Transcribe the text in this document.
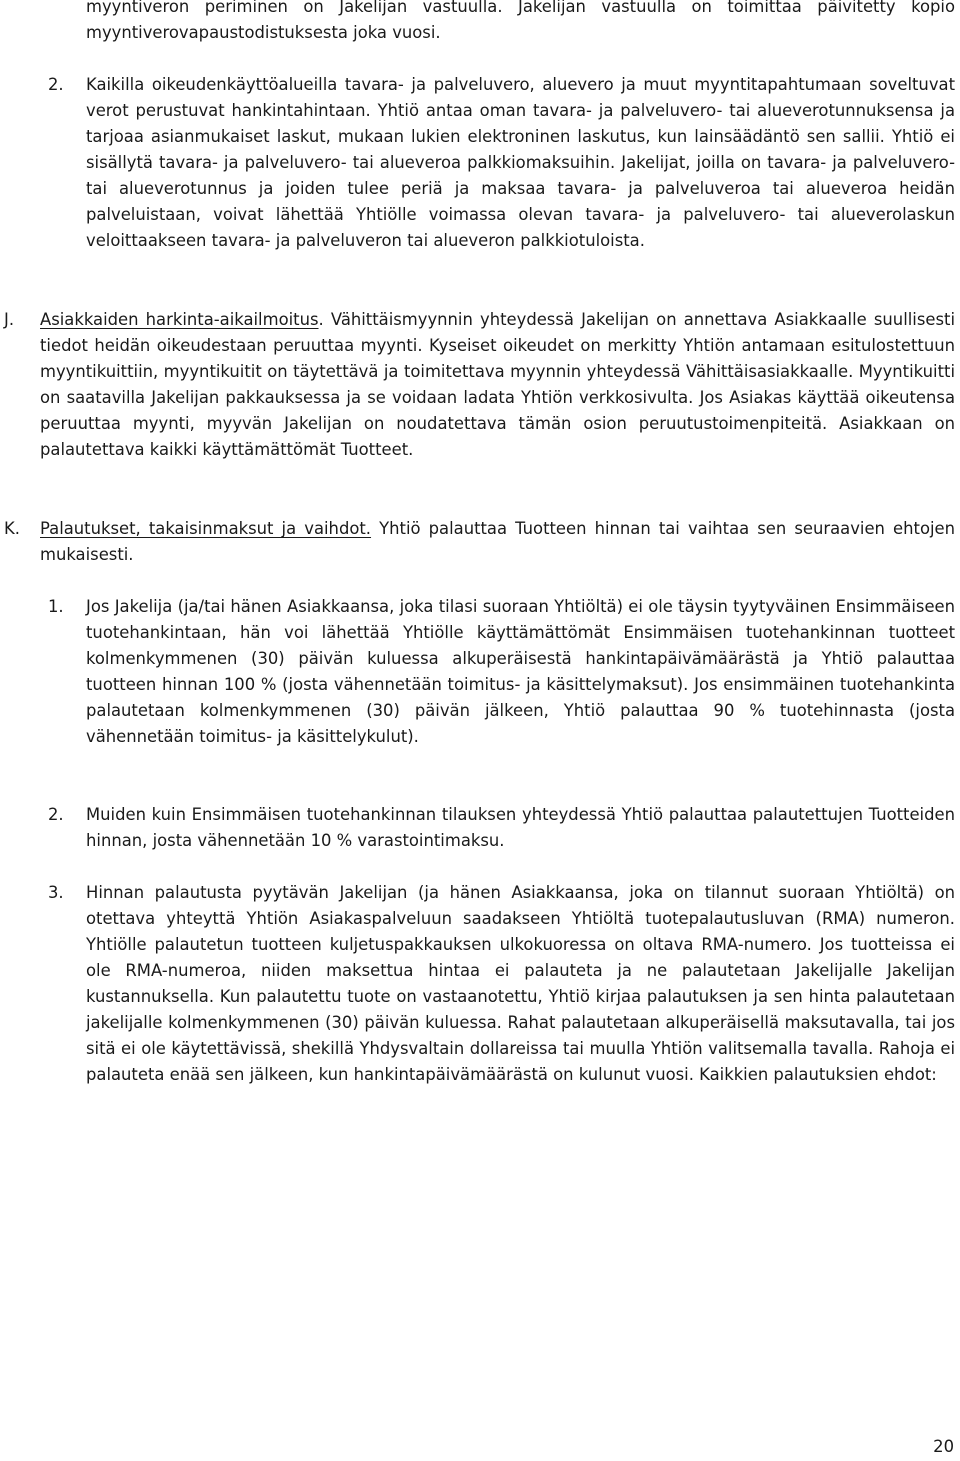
myyntiveron periminen on Jakelijan vastuulla. Jakelijan vastuulla on toimittaa päivitetty kopio myyntiverovapaustodistuksesta joka vuosi.

2. Kaikilla oikeudenkäyttöalueilla tavara- ja palveluvero, aluevero ja muut myyntitapahtumaan soveltuvat verot perustuvat hankintahintaan. Yhtiö antaa oman tavara- ja palveluvero- tai alueverotunnuksensa ja tarjoaa asianmukaiset laskut, mukaan lukien elektroninen laskutus, kun lainsäädäntö sen sallii. Yhtiö ei sisällytä tavara- ja palveluvero- tai alueveroa palkkiomaksuihin. Jakelijat, joilla on tavara- ja palveluvero- tai alueverotunnus ja joiden tulee periä ja maksaa tavara- ja palveluveroa tai alueveroa heidän palveluistaan, voivat lähettää Yhtiölle voimassa olevan tavara- ja palveluvero- tai alueverolaskun veloittaakseen tavara- ja palveluveron tai alueveron palkkiotuloista.

J. Asiakkaiden harkinta-aikailmoitus. Vähittäismyynnin yhteydessä Jakelijan on annettava Asiakkaalle suullisesti tiedot heidän oikeudestaan peruuttaa myynti. Kyseiset oikeudet on merkitty Yhtiön antamaan esitulostettuun myyntikuittiin, myyntikuitit on täytettävä ja toimitettava myynnin yhteydessä Vähittäisasiakkaalle. Myyntikuitti on saatavilla Jakelijan pakkauksessa ja se voidaan ladata Yhtiön verkkosivulta. Jos Asiakas käyttää oikeutensa peruuttaa myynti, myyvän Jakelijan on noudatettava tämän osion peruutustoimenpiteitä. Asiakkaan on palautettava kaikki käyttämättömät Tuotteet.

K. Palautukset, takaisinmaksut ja vaihdot. Yhtiö palauttaa Tuotteen hinnan tai vaihtaa sen seuraavien ehtojen mukaisesti.

1. Jos Jakelija (ja/tai hänen Asiakkaansa, joka tilasi suoraan Yhtiöltä) ei ole täysin tyytyväinen Ensimmäiseen tuotehankintaan, hän voi lähettää Yhtiölle käyttämättömät Ensimmäisen tuotehankinnan tuotteet kolmenkymmenen (30) päivän kuluessa alkuperäisestä hankintapäivämäärästä ja Yhtiö palauttaa tuotteen hinnan 100 % (josta vähennetään toimitus- ja käsittelymaksut). Jos ensimmäinen tuotehankinta palautetaan kolmenkymmenen (30) päivän jälkeen, Yhtiö palauttaa 90 % tuotehinnasta (josta vähennetään toimitus- ja käsittelykulut).

2. Muiden kuin Ensimmäisen tuotehankinnan tilauksen yhteydessä Yhtiö palauttaa palautettujen Tuotteiden hinnan, josta vähennetään 10 % varastointimaksu.

3. Hinnan palautusta pyytävän Jakelijan (ja hänen Asiakkaansa, joka on tilannut suoraan Yhtiöltä) on otettava yhteyttä Yhtiön Asiakaspalveluun saadakseen Yhtiöltä tuotepalautusluvan (RMA) numeron. Yhtiölle palautetun tuotteen kuljetuspakkauksen ulkokuoressa on oltava RMA-numero. Jos tuotteissa ei ole RMA-numeroa, niiden maksettua hintaa ei palauteta ja ne palautetaan Jakelijalle Jakelijan kustannuksella. Kun palautettu tuote on vastaanotettu, Yhtiö kirjaa palautuksen ja sen hinta palautetaan jakelijalle kolmenkymmenen (30) päivän kuluessa. Rahat palautetaan alkuperäisellä maksutavalla, tai jos sitä ei ole käytettävissä, shekillä Yhdysvaltain dollareissa tai muulla Yhtiön valitsemalla tavalla. Rahoja ei palauteta enää sen jälkeen, kun hankintapäivämäärästä on kulunut vuosi. Kaikkien palautuksien ehdot:

20
